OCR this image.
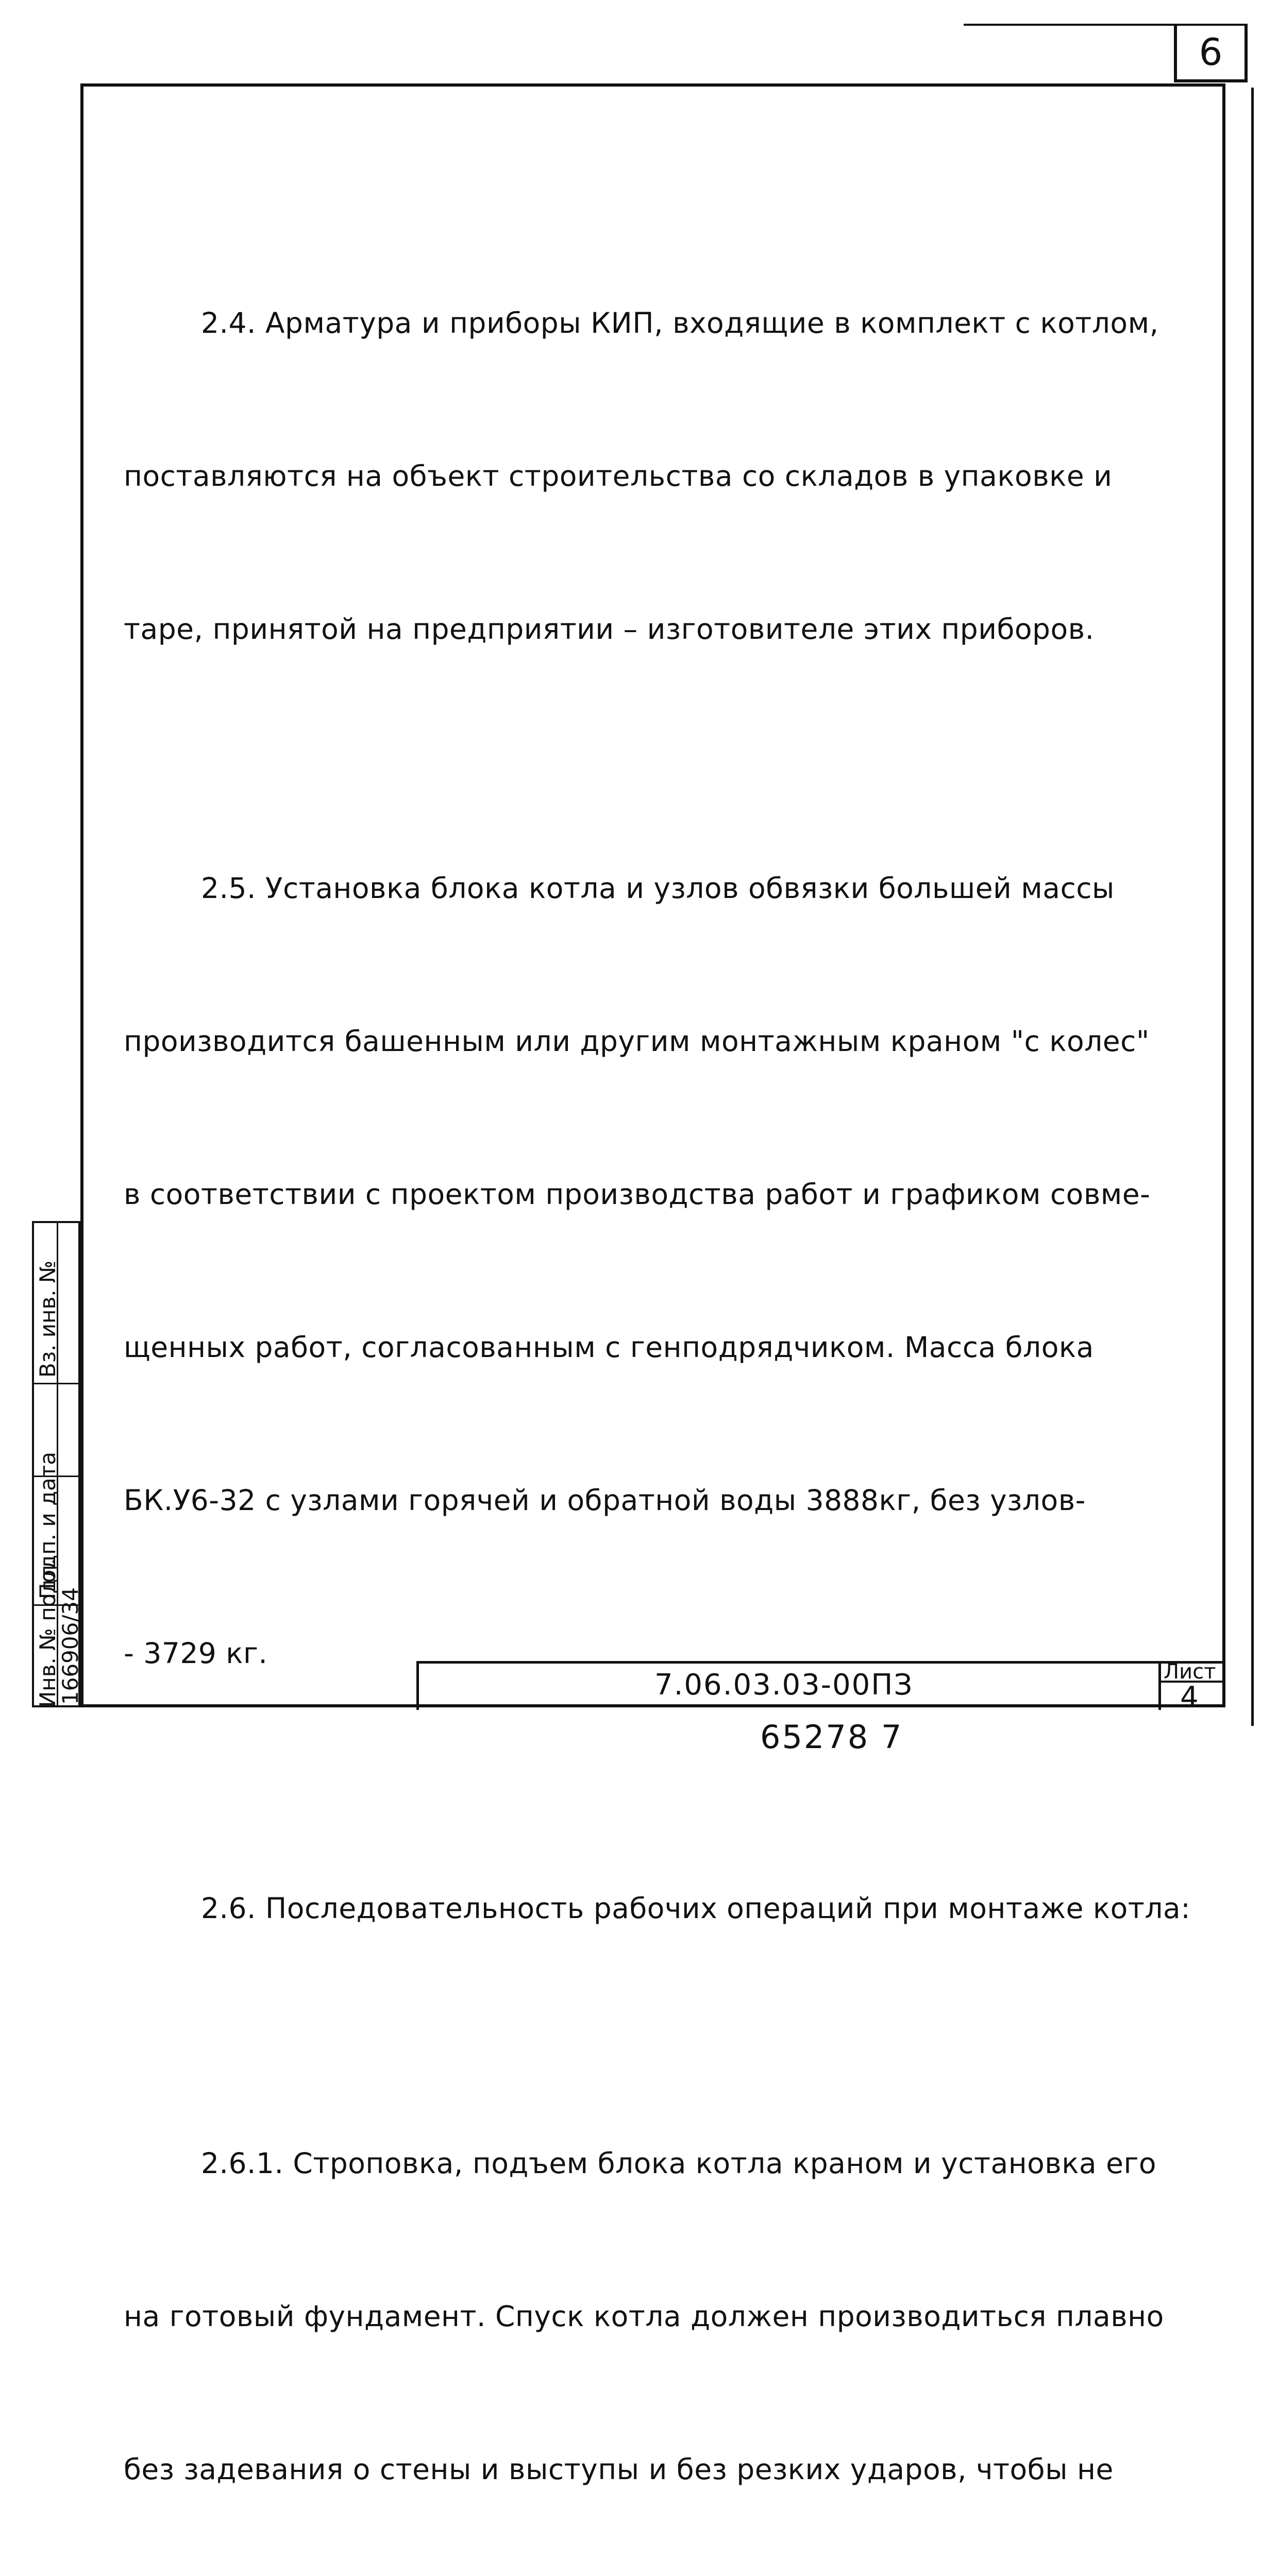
6

2.4. Арматура и приборы КИП, входящие в комплект с котлом,

поставляются на объект строительства со складов в упаковке и

таре, принятой на предприятии – изготовителе этих приборов.

2.5. Установка блока котла и узлов обвязки большей массы

производится башенным или другим монтажным краном "с колес"

в соответствии с проектом производства работ и графиком совме-

щенных работ, согласованным с генподрядчиком. Масса блока

БК.У6-32 с узлами горячей и обратной воды 3888кг, без узлов-

- 3729 кг.

2.6. Последовательность рабочих операций при монтаже котла:

2.6.1. Строповка, подъем блока котла краном и установка его

на готовый фундамент. Спуск котла должен производиться плавно

без задевания о стены и выступы и без резких ударов, чтобы не

Вз. инв. №
Подп. и дата
Инв. № подл.
166906/34	7.06.03.03-00ПЗ	Лист
4
65278 7
